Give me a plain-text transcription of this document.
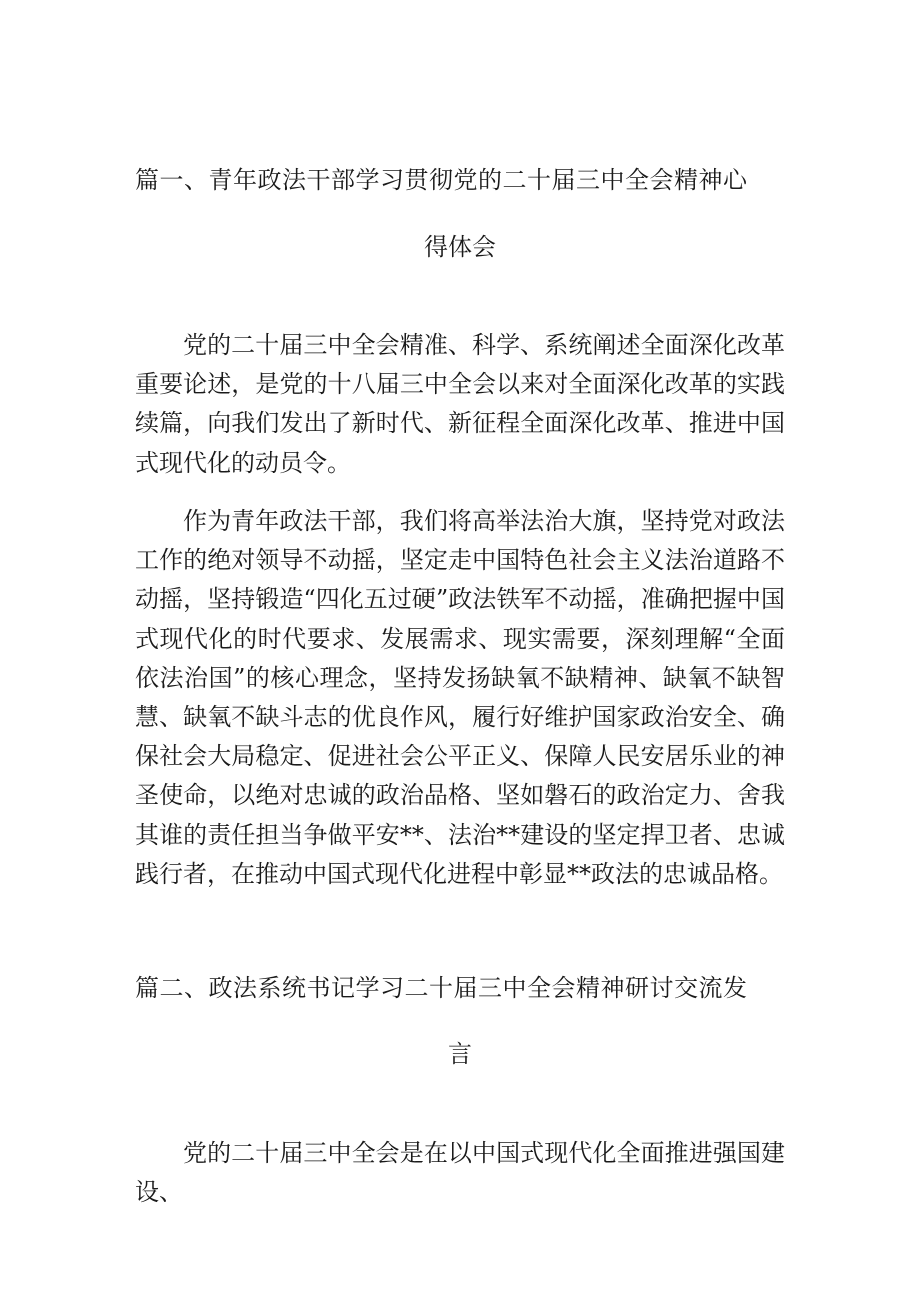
篇一、青年政法干部学习贯彻党的二十届三中全会精神心
得体会

党的二十届三中全会精准、科学、系统阐述全面深化改革重要论述，是党的十八届三中全会以来对全面深化改革的实践续篇，向我们发出了新时代、新征程全面深化改革、推进中国式现代化的动员令。

作为青年政法干部，我们将高举法治大旗，坚持党对政法工作的绝对领导不动摇，坚定走中国特色社会主义法治道路不动摇，坚持锻造“四化五过硬”政法铁军不动摇，准确把握中国式现代化的时代要求、发展需求、现实需要，深刻理解“全面依法治国”的核心理念，坚持发扬缺氧不缺精神、缺氧不缺智慧、缺氧不缺斗志的优良作风，履行好维护国家政治安全、确保社会大局稳定、促进社会公平正义、保障人民安居乐业的神圣使命，以绝对忠诚的政治品格、坚如磐石的政治定力、舍我其谁的责任担当争做平安**、法治**建设的坚定捍卫者、忠诚践行者，在推动中国式现代化进程中彰显**政法的忠诚品格。

篇二、政法系统书记学习二十届三中全会精神研讨交流发
言

党的二十届三中全会是在以中国式现代化全面推进强国建设、
